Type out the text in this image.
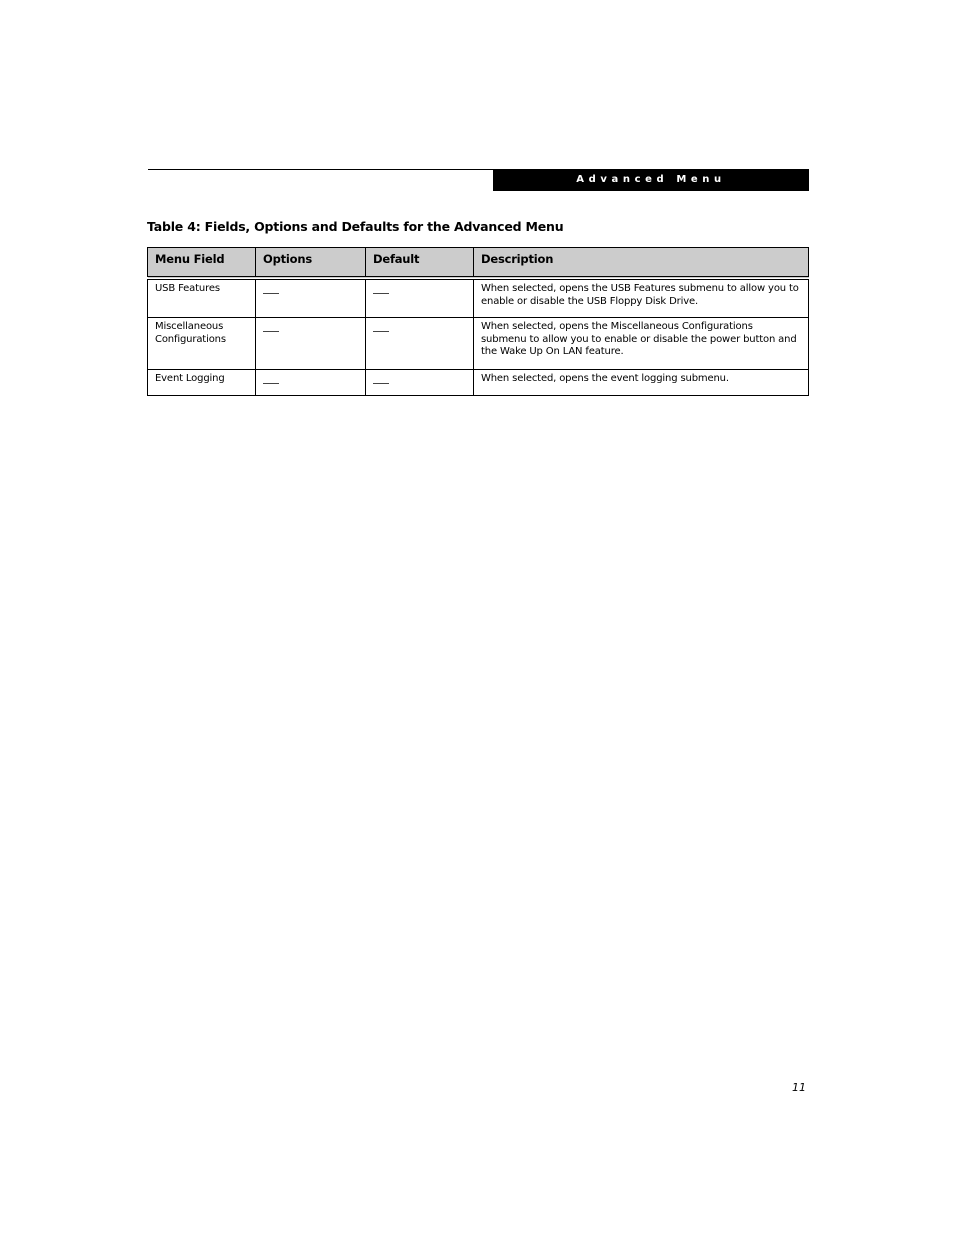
Advanced Menu
Table 4: Fields, Options and Defaults for the Advanced Menu
Menu Field	Options	Default	Description
USB Features			When selected, opens the USB Features submenu to allow you to enable or disable the USB Floppy Disk Drive.
Miscellaneous Configurations			When selected, opens the Miscellaneous Configurations submenu to allow you to enable or disable the power button and the Wake Up On LAN feature.
Event Logging			When selected, opens the event logging submenu.
11
